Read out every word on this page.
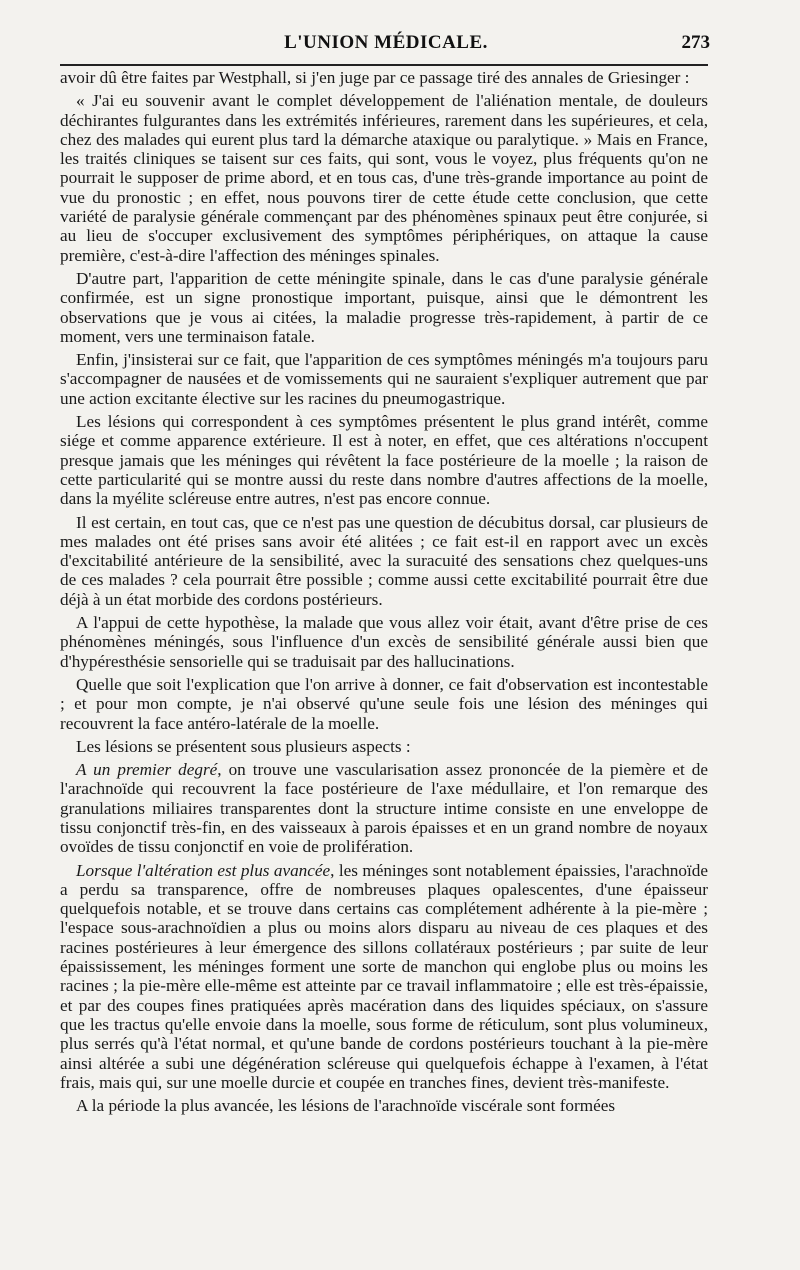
L'UNION MÉDICALE.	273

avoir dû être faites par Westphall, si j'en juge par ce passage tiré des annales de Griesinger :

« J'ai eu souvenir avant le complet développement de l'aliénation mentale, de douleurs déchirantes fulgurantes dans les extrémités inférieures, rarement dans les supérieures, et cela, chez des malades qui eurent plus tard la démarche ataxique ou paralytique. » Mais en France, les traités cliniques se taisent sur ces faits, qui sont, vous le voyez, plus fréquents qu'on ne pourrait le supposer de prime abord, et en tous cas, d'une très-grande importance au point de vue du pronostic ; en effet, nous pouvons tirer de cette étude cette conclusion, que cette variété de paralysie générale commençant par des phénomènes spinaux peut être conjurée, si au lieu de s'occuper exclusivement des symptômes périphériques, on attaque la cause première, c'est-à-dire l'affection des méninges spinales.

D'autre part, l'apparition de cette méningite spinale, dans le cas d'une paralysie générale confirmée, est un signe pronostique important, puisque, ainsi que le démontrent les observations que je vous ai citées, la maladie progresse très-rapidement, à partir de ce moment, vers une terminaison fatale.

Enfin, j'insisterai sur ce fait, que l'apparition de ces symptômes méningés m'a toujours paru s'accompagner de nausées et de vomissements qui ne sauraient s'expliquer autrement que par une action excitante élective sur les racines du pneumogastrique.

Les lésions qui correspondent à ces symptômes présentent le plus grand intérêt, comme siége et comme apparence extérieure. Il est à noter, en effet, que ces altérations n'occupent presque jamais que les méninges qui révêtent la face postérieure de la moelle ; la raison de cette particularité qui se montre aussi du reste dans nombre d'autres affections de la moelle, dans la myélite scléreuse entre autres, n'est pas encore connue.

Il est certain, en tout cas, que ce n'est pas une question de décubitus dorsal, car plusieurs de mes malades ont été prises sans avoir été alitées ; ce fait est-il en rapport avec un excès d'excitabilité antérieure de la sensibilité, avec la suracuité des sensations chez quelques-uns de ces malades ? cela pourrait être possible ; comme aussi cette excitabilité pourrait être due déjà à un état morbide des cordons postérieurs.

A l'appui de cette hypothèse, la malade que vous allez voir était, avant d'être prise de ces phénomènes méningés, sous l'influence d'un excès de sensibilité générale aussi bien que d'hypéresthésie sensorielle qui se traduisait par des hallucinations.

Quelle que soit l'explication que l'on arrive à donner, ce fait d'observation est incontestable ; et pour mon compte, je n'ai observé qu'une seule fois une lésion des méninges qui recouvrent la face antéro-latérale de la moelle.

Les lésions se présentent sous plusieurs aspects :

A un premier degré, on trouve une vascularisation assez prononcée de la piemère et de l'arachnoïde qui recouvrent la face postérieure de l'axe médullaire, et l'on remarque des granulations miliaires transparentes dont la structure intime consiste en une enveloppe de tissu conjonctif très-fin, en des vaisseaux à parois épaisses et en un grand nombre de noyaux ovoïdes de tissu conjonctif en voie de prolifération.

Lorsque l'altération est plus avancée, les méninges sont notablement épaissies, l'arachnoïde a perdu sa transparence, offre de nombreuses plaques opalescentes, d'une épaisseur quelquefois notable, et se trouve dans certains cas complétement adhérente à la pie-mère ; l'espace sous-arachnoïdien a plus ou moins alors disparu au niveau de ces plaques et des racines postérieures à leur émergence des sillons collatéraux postérieurs ; par suite de leur épaississement, les méninges forment une sorte de manchon qui englobe plus ou moins les racines ; la pie-mère elle-même est atteinte par ce travail inflammatoire ; elle est très-épaissie, et par des coupes fines pratiquées après macération dans des liquides spéciaux, on s'assure que les tractus qu'elle envoie dans la moelle, sous forme de réticulum, sont plus volumineux, plus serrés qu'à l'état normal, et qu'une bande de cordons postérieurs touchant à la pie-mère ainsi altérée a subi une dégénération scléreuse qui quelquefois échappe à l'examen, à l'état frais, mais qui, sur une moelle durcie et coupée en tranches fines, devient très-manifeste.

A la période la plus avancée, les lésions de l'arachnoïde viscérale sont formées
